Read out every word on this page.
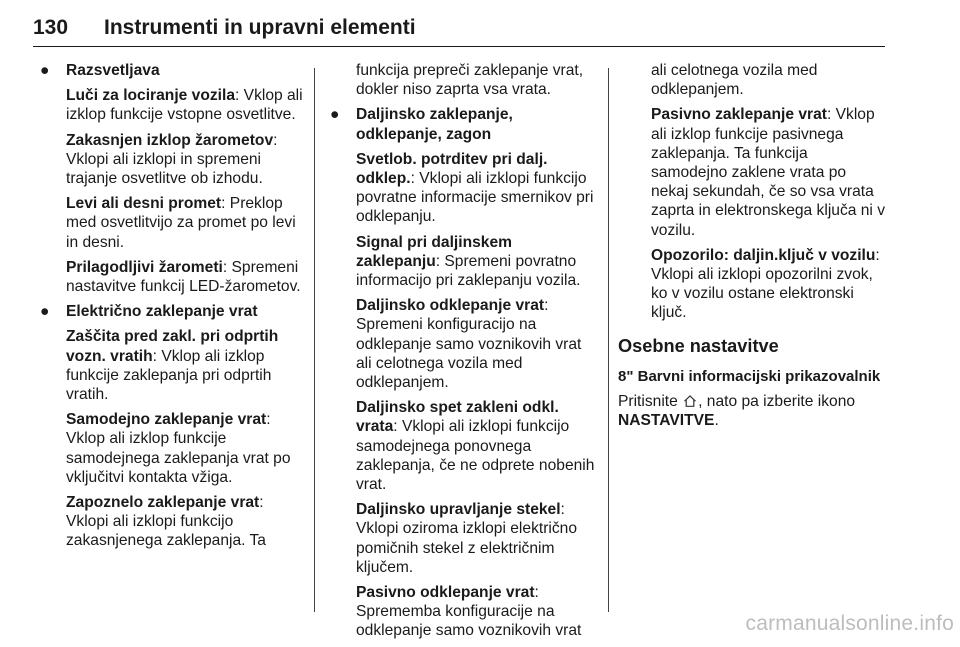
130 Instrumenti in upravni elementi

● Razsvetljava

Luči za lociranje vozila: Vklop ali izklop funkcije vstopne osvetlitve.

Zakasnjen izklop žarometov: Vklopi ali izklopi in spremeni trajanje osvetlitve ob izhodu.

Levi ali desni promet: Preklop med osvetlitvijo za promet po levi in desni.

Prilagodljivi žarometi: Spremeni nastavitve funkcij LED-žarometov.

● Električno zaklepanje vrat

Zaščita pred zakl. pri odprtih vozn. vratih: Vklop ali izklop funkcije zaklepanja pri odprtih vratih.

Samodejno zaklepanje vrat: Vklop ali izklop funkcije samodejnega zaklepanja vrat po vključitvi kontakta vžiga.

Zapoznelo zaklepanje vrat: Vklopi ali izklopi funkcijo zakasnjenega zaklepanja. Ta

funkcija prepreči zaklepanje vrat, dokler niso zaprta vsa vrata.

● Daljinsko zaklepanje, odklepanje, zagon

Svetlob. potrditev pri dalj. odklep.: Vklopi ali izklopi funkcijo povratne informacije smernikov pri odklepanju.

Signal pri daljinskem zaklepanju: Spremeni povratno informacijo pri zaklepanju vozila.

Daljinsko odklepanje vrat: Spremeni konfiguracijo na odklepanje samo voznikovih vrat ali celotnega vozila med odklepanjem.

Daljinsko spet zakleni odkl. vrata: Vklopi ali izklopi funkcijo samodejnega ponovnega zaklepanja, če ne odprete nobenih vrat.

Daljinsko upravljanje stekel: Vklopi oziroma izklopi električno pomičnih stekel z električnim ključem.

Pasivno odklepanje vrat: Sprememba konfiguracije na odklepanje samo voznikovih vrat

ali celotnega vozila med odklepanjem.

Pasivno zaklepanje vrat: Vklop ali izklop funkcije pasivnega zaklepanja. Ta funkcija samodejno zaklene vrata po nekaj sekundah, če so vsa vrata zaprta in elektronskega ključa ni v vozilu.

Opozorilo: daljin.ključ v vozilu: Vklopi ali izklopi opozorilni zvok, ko v vozilu ostane elektronski ključ.

Osebne nastavitve

8" Barvni informacijski prikazovalnik

Pritisnite , nato pa izberite ikono NASTAVITVE.

carmanualsonline.info
